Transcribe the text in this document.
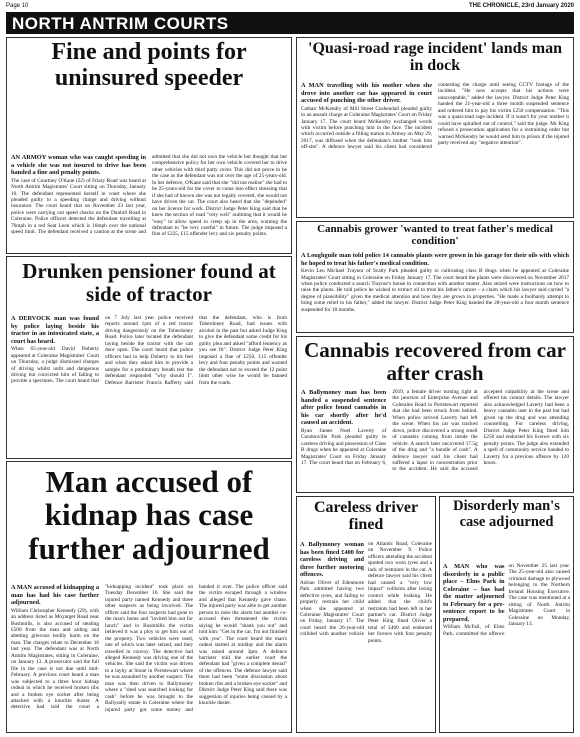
Page 10	THE CHRONICLE, 23rd January 2020
NORTH ANTRIM COURTS
Fine and points for uninsured speeder

AN ARMOY woman who was caught speeding in a vehicle she was not insured to drive has been handed a fine and penalty points.

The case of Courtney O'Kane (22) of Friary Road was heard at North Antrim Magistrates' Court sitting on Thursday, January 16. The defendant represented herself in court where she pleaded guilty to a speeding charge and driving without insurance. The court heard that on November 23 last year, police were carrying out speed checks on the Dunhill Road in Coleraine. Police officers detected the defendant travelling at 76mph in a red Seat Leon which is 16mph over the national speed limit. The defendant received a caution at the scene and admitted that she did not own the vehicle but thought that her comprehensive policy for her own vehicle covered her to drive other vehicles with third party cover. This did not prove to be the case as the defendant was not over the age of 25-years-old. In her defence, O'Kane said that she "did not realise" she had to be 25-years-old for the cover to come into effect stressing that if she had of known she was not legally covered, she would not have driven the car. The court also heard that she "depended" on her licence for work. District Judge Peter King said that he knew the section of road "very well" outlining that it would be "easy" to allow speed to creep up in the area, warning the defendant to "be very careful" in future. The judge imposed a fine of £225, £15 offender levy and six penalty points.

Drunken pensioner found at side of tractor

A DERVOCK man was found by police laying beside his tractor in an intoxicated state, a court has heard.

When 65-year-old David Doherty appeared at Coleraine Magistrates' Court on Thursday, a judge dismissed charges of driving whilst unfit and dangerous driving but convicted him of failing to provide a specimen. The court heard that on 7 July last year police received reports around 1pm of a red tractor driving dangerously on the Toberdoney Road. Police later located the defendant laying beside the tractor with the cab door open. The court heard that police officers had to help Doherty to his feet and when they asked him to provide a sample for a preliminary breath test the defendant responded "why should I". Defence Barrister Francis Rafferty said that the defendant, who is from Toberdoney Road, had issues with alcohol in the past but asked Judge King to give the defendant some credit for his guilty plea and asked "afford leniency as you see fit". District Judge Peter King imposed a fine of £250, £15 offender levy and four penalty points and warned the defendant not to exceed the 12 point limit other wise he would be banned from the roads.

Man accused of kidnap has case further adjourned

A MAN accused of kidnapping a man has had his case further adjourned.

William Christopher Kennedy (29), with an address listed as Moyarget Road near Bushmills, is also accused of stealing £500 from the man and aiding and abetting grievous bodily harm on the man. The charges relate to December 16 last year. The defendant was at North Antrim Magistrates, sitting in Coleraine, on January 13. A prosecutor said the full file in the case is not due until mid-February. A previous court heard a man was subjected to a three hour kidnap ordeal in which he received broken ribs and a broken eye socket after being attacked with a knuckle duster. A detective had told the court a "kidnapping incident" took place on Tuesday December 16. She said the injured party named Kennedy and three other suspects as being involved. The officer said the four suspects had gone to the man's home and "invited him out for lunch" and in Bushmills the victim believed it was a ploy to get him out of the property. Two vehicles were used, one of which was later seized, and they travelled in convoy. The detective had alleged Kennedy was driving one of the vehicles. She said the victim was driven to a layby at Stone in Portstewart where he was assaulted by another suspect. The man was then driven to Ballymoney where a "shed was searched looking for cash" before he was brought to the Ballysally estate in Coleraine where the injured party got some money and handed it over. The police officer said the victim escaped through a window and alleged that Kennedy gave chase. The injured party was able to get another person to raise the alarm but another co-accused then threatened the victim saying he would "shank you out" and told him: "Get in the car. I'm not finished with you". The court heard the man's ordeal started at midday and the alarm was raised around 3pm. A defence barrister told the earlier court the defendant had "given a complete denial" of the offences. The defence lawyer said there had been "some discussion about broken ribs and a broken eye socket" and District Judge Peter King said there was suggestion of injuries being caused by a knuckle duster.

'Quasi-road rage incident' lands man in dock

A MAN travelling with his mother when she drove into another car has appeared in court accused of punching the other driver.

Cathair McKendry of Mill Street Cushendall pleaded guilty to an assault charge at Coleraine Magistrates' Court on Friday January 17. The court heard McKendry exchanged words with victim before punching him in the face. The incident which occurred outside a filling station in Armoy on May 29, 2017, was diffused when the defendant's mother "took him off-site". A defence lawyer said his client had considered contesting the charge until seeing CCTV footage of the incident. "He now accepts that his actions were unacceptable," added the lawyer. District Judge Peter King handed the 21-year-old a three month suspended sentence and ordered him to pay his victim £250 compensation. "This was a quasi-road rage incident. If it wasn't for your mother it could have spiralled out of control," said the judge. Mr King refused a prosecution application for a restraining order but warned McKendry he would send him to prison if the injured party received any "negative attention".

Cannabis grower 'wanted to treat father's medical condition'

A Loughguile man told police 14 cannabis plants were grown in his garage for their oils with which he hoped to treat his father's medical condition.

Kevin Leo Michael Traynor of Scalty Park pleaded guilty to cultivating class B drugs when he appeared at Coleraine Magistrates' Court sitting in Coleraine on Friday January 17. The court heard the plants were discovered on November 2017 when police conducted a search Traynor's house in connection with another matter. Also seized were instructions on how to raise the plants. He told police he wished to extract oil to treat his father's cancer – a claim which his lawyer said carried "a degree of plausibility" given the medical attention and how they are grown in properties. "He made a foolhardy attempt to bring some relief to his father," added the lawyer. District Judge Peter King handed the 28-year-old a four month sentence suspended for 18 months.

Cannabis recovered from car after crash

A Ballymoney man has been handed a suspended sentence after police found cannabis in his car shortly after he'd caused an accident.

Ryan James Noel Laverty of Condonville Park pleaded guilty to careless driving and possession of Class B drugs when he appeared at Coleraine Magistrates' Court on Friday January 17. The court heard that on February 6, 2019, a female driver turning right at the junction of Enterprise Avenue and Coleraine Road in Portstewart reported that she had been struck from behind. When police arrived Laverty had left the scene. When his car was tracked down, police discovered a strong smell of cannabis coming from inside the vehicle. A search later uncovered 17.5g of the drug and "a bundle of cash". A defence lawyer said his client had suffered a lapse in concentration prior to the accident. He said the accused accepted culpability at the scene and offered his contact details. The lawyer also acknowledged Laverty had been a heavy cannabis user in the past but had given up the drug and was attending counselling. For careless driving, District Judge Peter King fined him £250 and endorsed his licence with six penalty points. The judge also extended a spell of community service handed to Laverty for a previous offence by 120 hours.

Careless driver fined

A Ballymoney woman has been fined £400 for careless driving and three further motoring offences.

Adrian Oliver of Edenmore Park admitted having two defective tyres, and failing to properly restrain her child when she appeared at Coleraine Magistrates' Court on Friday, January 17. The court heard the 26-year-old collided with another vehicle on Atlantic Road, Coleraine on November 9. Police officers attending the accident spotted two worn tyres and a lack of restraints in the car. A defence lawyer said his client had caused a "very low impact" collision after losing control while braking. He added that the child's restraints had been left in her partner's car. District Judge Peter King fined Oliver a total of £400 and endorsed her licence with four penalty points.

Disorderly man's case adjourned

A MAN who was disorderly in a public place – Elms Park in Coleraine – has had the matter adjourned to February for a pre-sentence report to be prepared.

William McFall, of Elms Park, committed the offence on November 25 last year. The 25-year-old also caused criminal damage to plywood belonging to the Northern Ireland Housing Executive. The case was mentioned at a sitting of North Antrim Magistrates Court in Coleraine on Monday, January 13.
